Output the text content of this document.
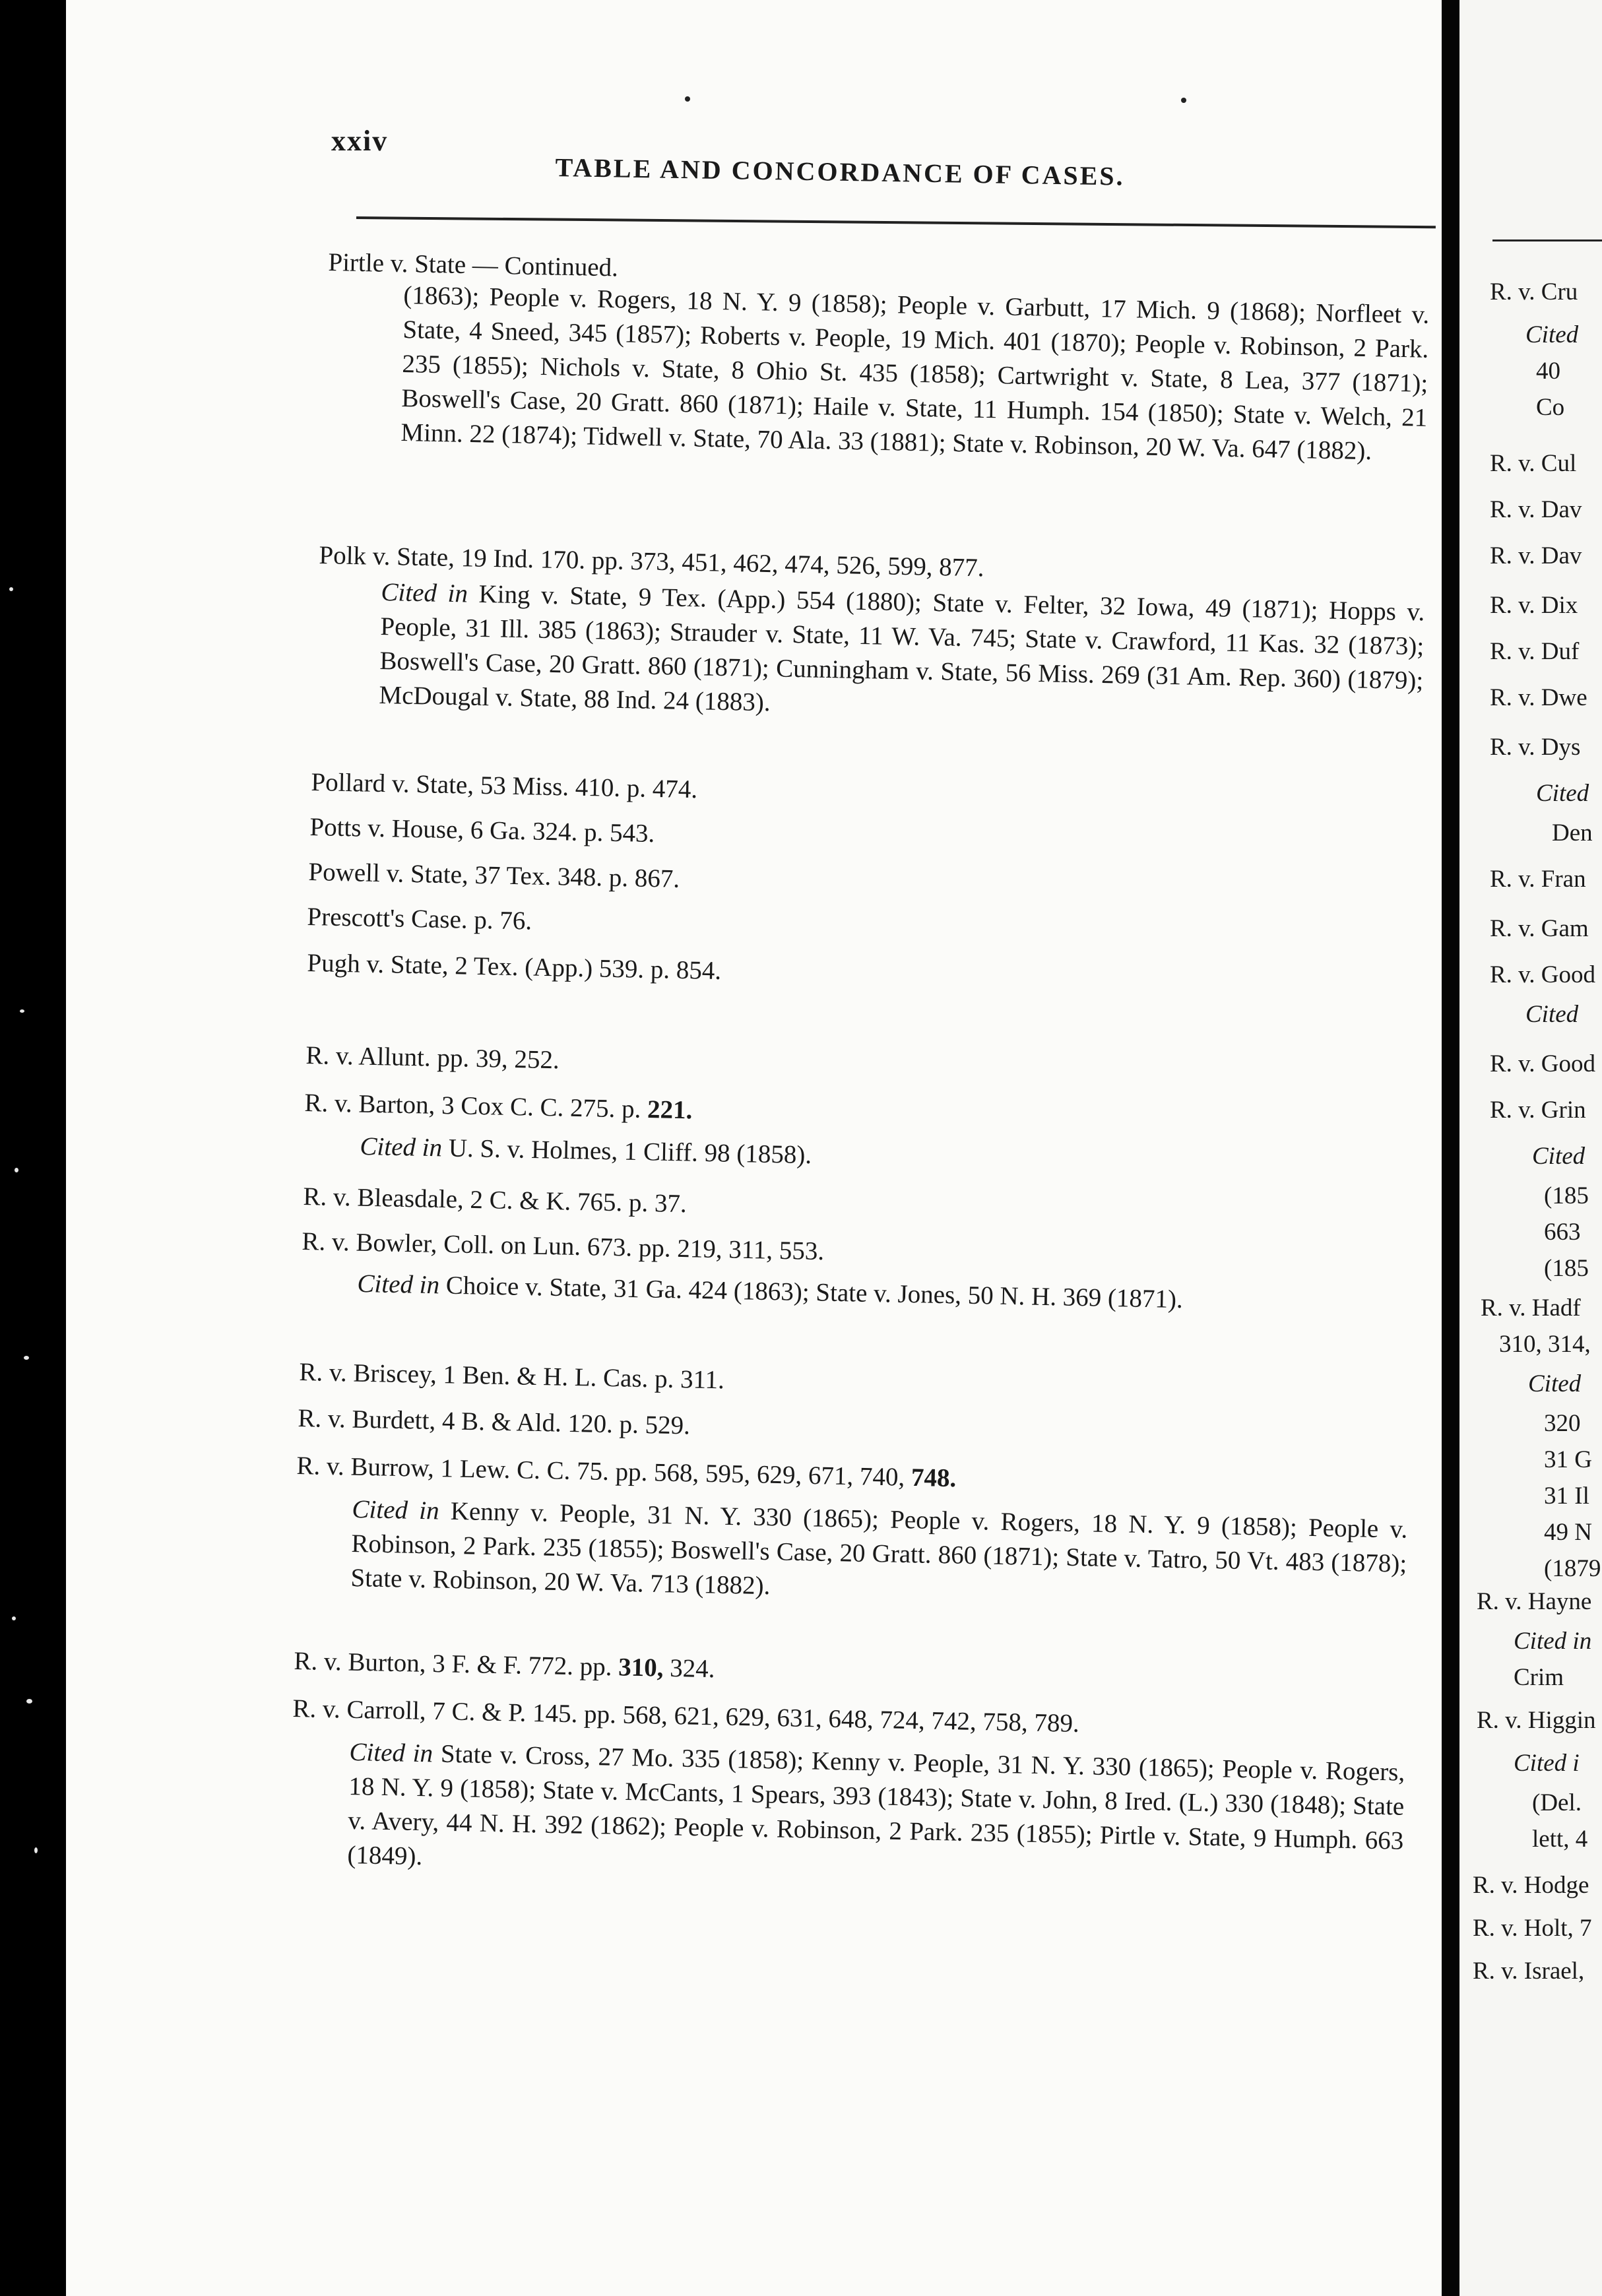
xxiv
TABLE AND CONCORDANCE OF CASES.
Pirtle v. State — Continued.
(1863); People v. Rogers, 18 N. Y. 9 (1858); People v. Garbutt, 17 Mich. 9 (1868); Norfleet v. State, 4 Sneed, 345 (1857); Roberts v. People, 19 Mich. 401 (1870); People v. Robinson, 2 Park. 235 (1855); Nichols v. State, 8 Ohio St. 435 (1858); Cartwright v. State, 8 Lea, 377 (1871); Boswell's Case, 20 Gratt. 860 (1871); Haile v. State, 11 Humph. 154 (1850); State v. Welch, 21 Minn. 22 (1874); Tidwell v. State, 70 Ala. 33 (1881); State v. Robinson, 20 W. Va. 647 (1882).
Polk v. State, 19 Ind. 170. pp. 373, 451, 462, 474, 526, 599, 877.
Cited in King v. State, 9 Tex. (App.) 554 (1880); State v. Felter, 32 Iowa, 49 (1871); Hopps v. People, 31 Ill. 385 (1863); Strauder v. State, 11 W. Va. 745; State v. Crawford, 11 Kas. 32 (1873); Boswell's Case, 20 Gratt. 860 (1871); Cunningham v. State, 56 Miss. 269 (31 Am. Rep. 360) (1879); McDougal v. State, 88 Ind. 24 (1883).
Pollard v. State, 53 Miss. 410. p. 474.
Potts v. House, 6 Ga. 324. p. 543.
Powell v. State, 37 Tex. 348. p. 867.
Prescott's Case. p. 76.
Pugh v. State, 2 Tex. (App.) 539. p. 854.
R. v. Allunt. pp. 39, 252.
R. v. Barton, 3 Cox C. C. 275. p. 221.
Cited in U. S. v. Holmes, 1 Cliff. 98 (1858).
R. v. Bleasdale, 2 C. & K. 765. p. 37.
R. v. Bowler, Coll. on Lun. 673. pp. 219, 311, 553.
Cited in Choice v. State, 31 Ga. 424 (1863); State v. Jones, 50 N. H. 369 (1871).
R. v. Briscey, 1 Ben. & H. L. Cas. p. 311.
R. v. Burdett, 4 B. & Ald. 120. p. 529.
R. v. Burrow, 1 Lew. C. C. 75. pp. 568, 595, 629, 671, 740, 748.
Cited in Kenny v. People, 31 N. Y. 330 (1865); People v. Rogers, 18 N. Y. 9 (1858); People v. Robinson, 2 Park. 235 (1855); Boswell's Case, 20 Gratt. 860 (1871); State v. Tatro, 50 Vt. 483 (1878); State v. Robinson, 20 W. Va. 713 (1882).
R. v. Burton, 3 F. & F. 772. pp. 310, 324.
R. v. Carroll, 7 C. & P. 145. pp. 568, 621, 629, 631, 648, 724, 742, 758, 789.
Cited in State v. Cross, 27 Mo. 335 (1858); Kenny v. People, 31 N. Y. 330 (1865); People v. Rogers, 18 N. Y. 9 (1858); State v. McCants, 1 Spears, 393 (1843); State v. John, 8 Ired. (L.) 330 (1848); State v. Avery, 44 N. H. 392 (1862); People v. Robinson, 2 Park. 235 (1855); Pirtle v. State, 9 Humph. 663 (1849).
R. v. Cru
Cited
40
Co
R. v. Cul
R. v. Dav
R. v. Dav
R. v. Dix
R. v. Duf
R. v. Dwe
R. v. Dys
Cited
Den
R. v. Fran
R. v. Gam
R. v. Good
Cited
R. v. Good
R. v. Grin
Cited
(185
663
(185
R. v. Hadf
310, 314,
Cited
320
31 G
31 Il
49 N
(1879
R. v. Hayne
Cited in
Crim
R. v. Higgin
Cited i
(Del.
lett, 4
R. v. Hodge
R. v. Holt, 7
R. v. Israel,
